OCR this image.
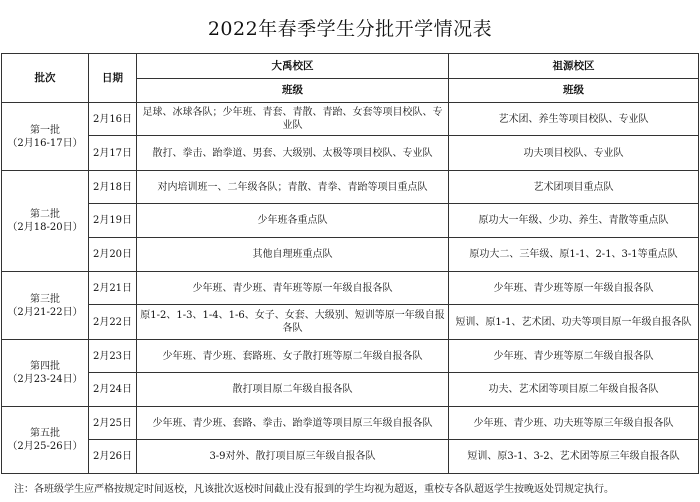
2022年春季学生分批开学情况表
批次	日期	大禹校区	祖源校区
		班级	班级

第一批
（2月16-17日）	2月16日	足球、冰球各队；少年班、青套、青散、青跆、女套等项目校队、专业队	艺术团、养生等项目校队、专业队
	2月17日	散打、拳击、跆拳道、男套、大级别、太极等项目校队、专业队	功夫项目校队、专业队

第二批
（2月18-20日）	2月18日	对内培训班一、二年级各队；青散、青拳、青跆等项目重点队	艺术团项目重点队
	2月19日	少年班各重点队	原功大一年级、少功、养生、青散等重点队
	2月20日	其他自理班重点队	原功大二、三年级、原1-1、2-1、3-1等重点队

第三批
（2月21-22日）	2月21日	少年班、青少班、青年班等原一年级自报各队	少年班、青少班等原一年级自报各队
	2月22日	原1-2、1-3、1-4、1-6、女子、女套、大级别、短训等原一年级自报各队	短训、原1-1、艺术团、功夫等项目原一年级自报各队

第四批
（2月23-24日）	2月23日	少年班、青少班、套路班、女子散打班等原二年级自报各队	少年班、青少班等原二年级自报各队
	2月24日	散打项目原二年级自报各队	功夫、艺术团等项目原二年级自报各队

第五批
（2月25-26日）	2月25日	少年班、青少班、套路、拳击、跆拳道等项目原三年级自报各队	少年班、青少班、功夫班等原三年级自报各队
	2月26日	3-9对外、散打项目原三年级自报各队	短训、原3-1、3-2、艺术团等原三年级自报各队
注：各班级学生应严格按规定时间返校，凡该批次返校时间截止没有报到的学生均视为超返，重校专各队超返学生按晚返处罚规定执行。
